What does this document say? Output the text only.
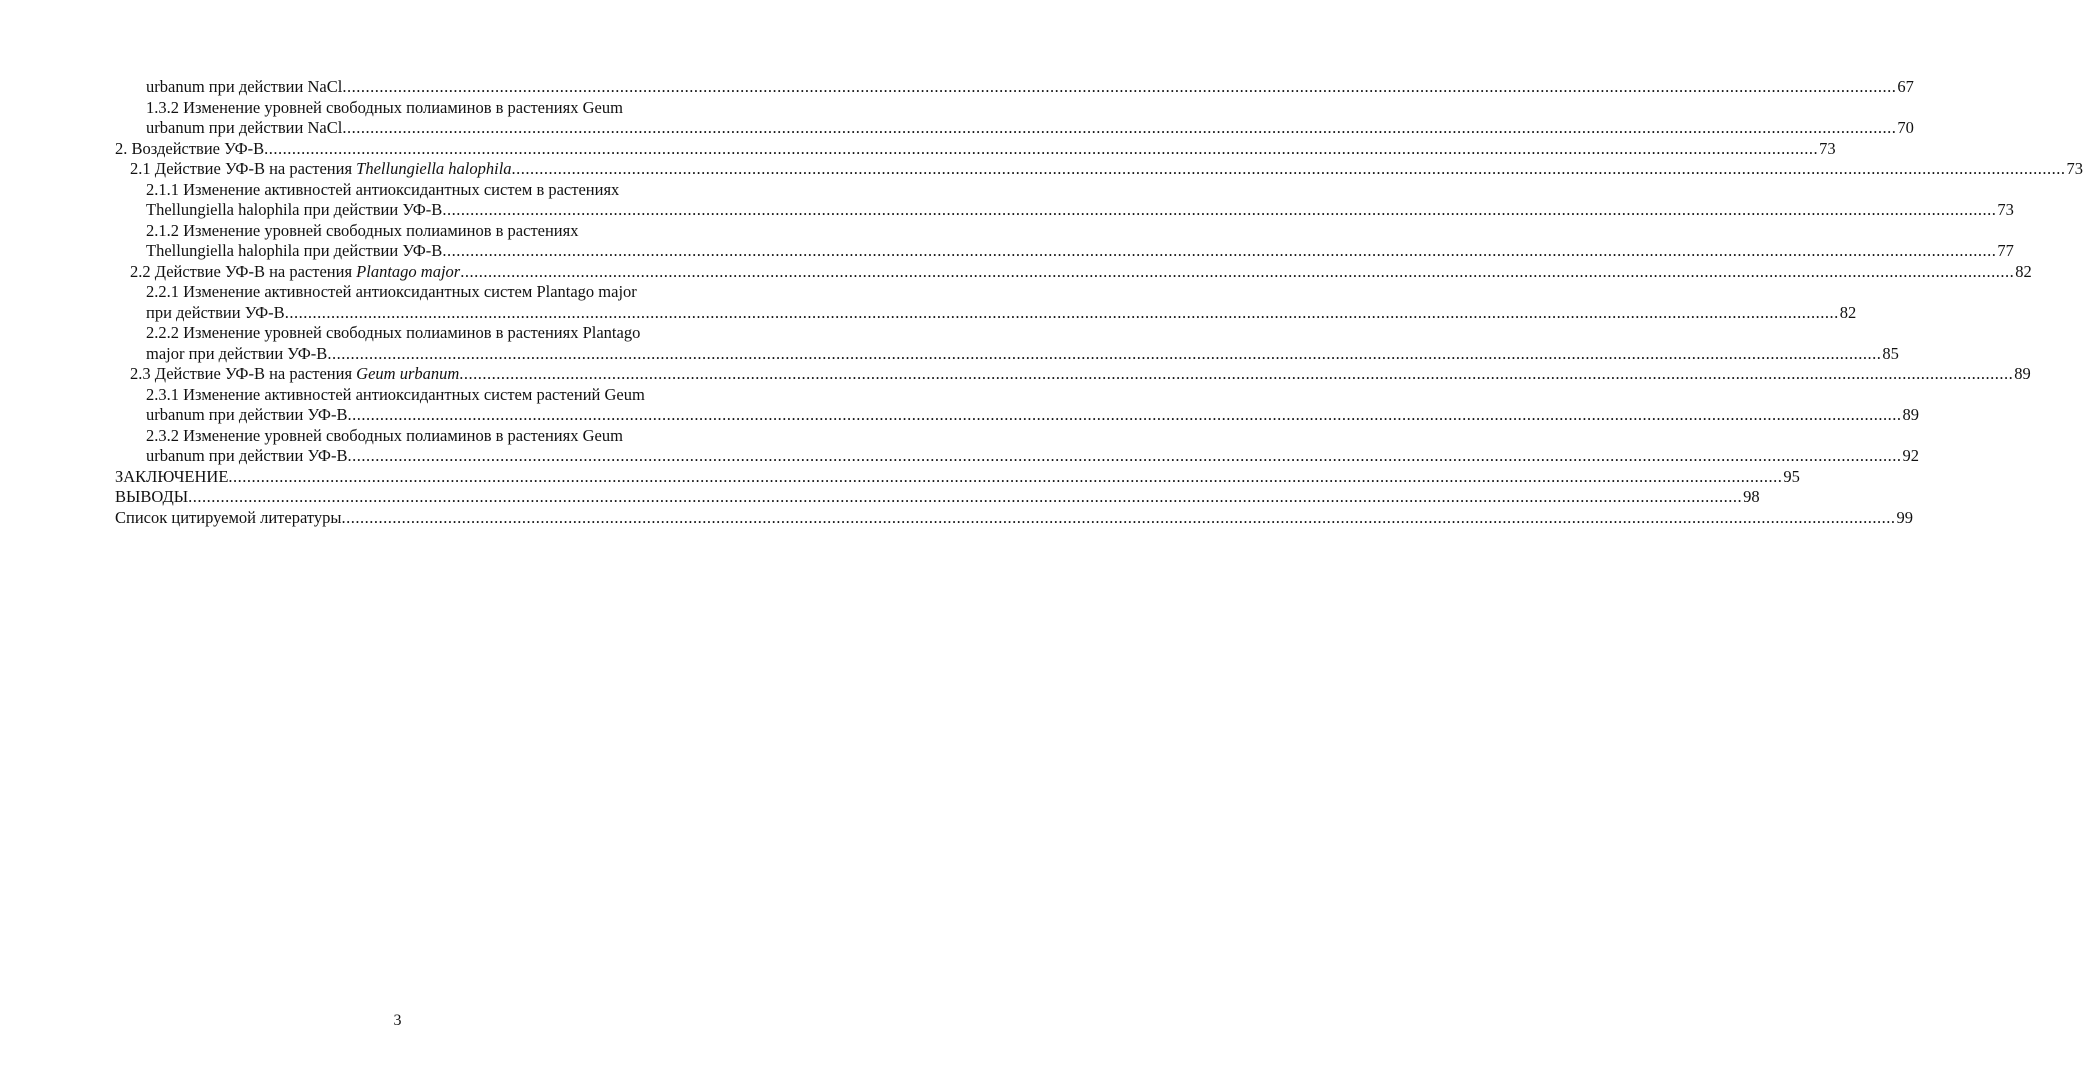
urbanum при действии NaCl .....	67
1.3.2 Изменение уровней свободных полиаминов в растениях Geum
urbanum при действии NaCl .....	70
2. Воздействие УФ-В .....	73
2.1 Действие УФ-В на растения Thellungiella halophila .....	73
2.1.1 Изменение активностей антиоксидантных систем в растениях
Thellungiella halophila при действии УФ-В .....	73
2.1.2 Изменение уровней свободных полиаминов в растениях
Thellungiella halophila при действии УФ-В .....	77
2.2 Действие УФ-В на растения Plantago major .....	82
2.2.1 Изменение активностей антиоксидантных систем Plantago major
при действии УФ-В .....	82
2.2.2 Изменение уровней свободных полиаминов в растениях Plantago
major при действии УФ-В .....	85
2.3 Действие УФ-В на растения Geum urbanum .....	89
2.3.1 Изменение активностей антиоксидантных систем растений Geum
urbanum при действии УФ-В .....	89
2.3.2 Изменение уровней свободных полиаминов в растениях Geum
urbanum при действии УФ-В .....	92
ЗАКЛЮЧЕНИЕ .....	95
ВЫВОДЫ .....	98
Список цитируемой литературы .....	99
3
